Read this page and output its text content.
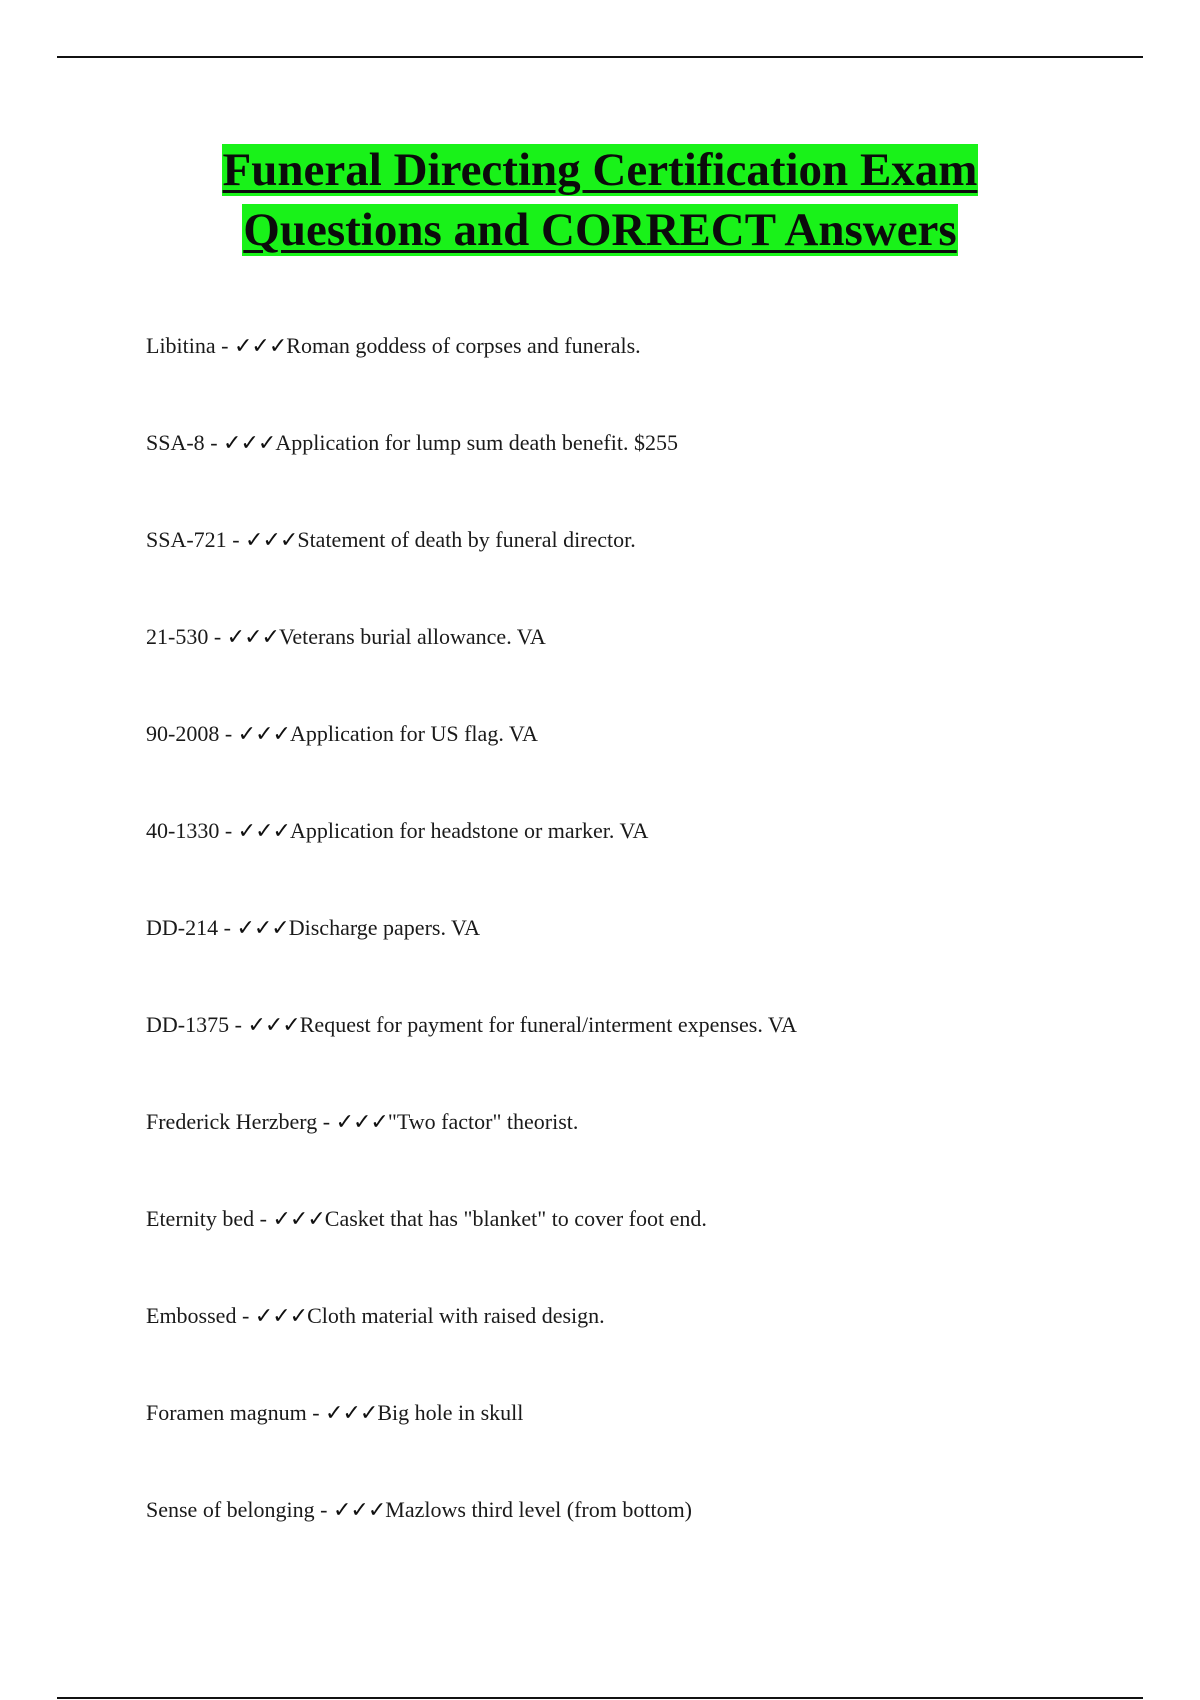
Funeral Directing Certification Exam
Questions and CORRECT Answers
Libitina - ✓✓✓Roman goddess of corpses and funerals.
SSA-8 - ✓✓✓Application for lump sum death benefit. $255
SSA-721 - ✓✓✓Statement of death by funeral director.
21-530 - ✓✓✓Veterans burial allowance. VA
90-2008 - ✓✓✓Application for US flag. VA
40-1330 - ✓✓✓Application for headstone or marker. VA
DD-214 - ✓✓✓Discharge papers. VA
DD-1375 - ✓✓✓Request for payment for funeral/interment expenses. VA
Frederick Herzberg - ✓✓✓"Two factor" theorist.
Eternity bed - ✓✓✓Casket that has "blanket" to cover foot end.
Embossed - ✓✓✓Cloth material with raised design.
Foramen magnum - ✓✓✓Big hole in skull
Sense of belonging - ✓✓✓Mazlows third level (from bottom)
